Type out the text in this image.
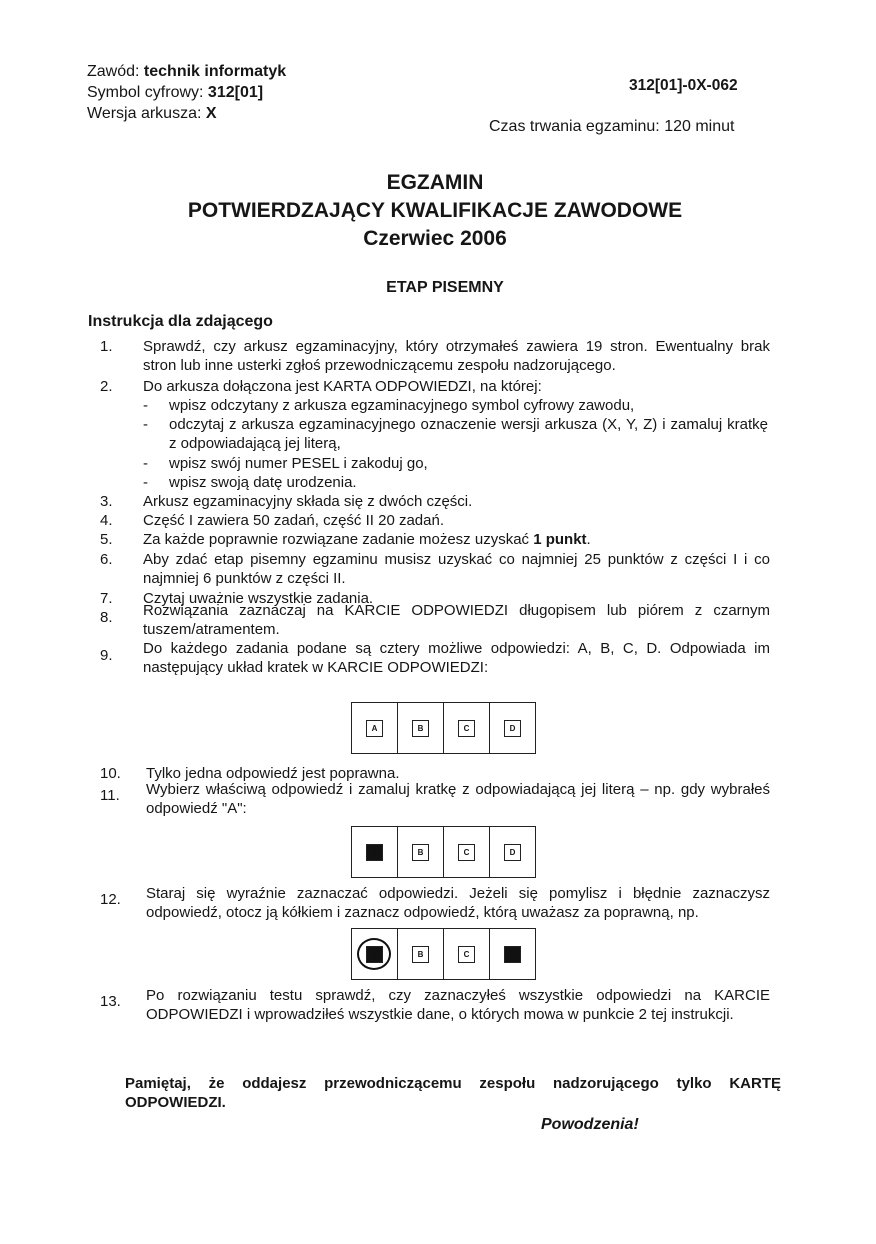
Zawód: technik informatyk
Symbol cyfrowy: 312[01]
Wersja arkusza: X
312[01]-0X-062
Czas trwania egzaminu: 120 minut
EGZAMIN
POTWIERDZAJĄCY KWALIFIKACJE ZAWODOWE
Czerwiec 2006
ETAP PISEMNY
Instrukcja dla zdającego
1.	Sprawdź, czy arkusz egzaminacyjny, który otrzymałeś zawiera 19 stron. Ewentualny brak stron lub inne usterki zgłoś przewodniczącemu zespołu nadzorującego.
2.	Do arkusza dołączona jest KARTA ODPOWIEDZI, na której:
- wpisz odczytany z arkusza egzaminacyjnego symbol cyfrowy zawodu,
- odczytaj z arkusza egzaminacyjnego oznaczenie wersji arkusza (X, Y, Z) i zamaluj kratkę z odpowiadającą jej literą,
- wpisz swój numer PESEL i zakoduj go,
- wpisz swoją datę urodzenia.
3.	Arkusz egzaminacyjny składa się z dwóch części.
4.	Część I zawiera 50 zadań, część II 20 zadań.
5.	Za każde poprawnie rozwiązane zadanie możesz uzyskać 1 punkt.
6.	Aby zdać etap pisemny egzaminu musisz uzyskać co najmniej 25 punktów z części I i co najmniej 6 punktów z części II.
7.	Czytaj uważnie wszystkie zadania.
8.	Rozwiązania zaznaczaj na KARCIE ODPOWIEDZI długopisem lub piórem z czarnym tuszem/atramentem.
9.	Do każdego zadania podane są cztery możliwe odpowiedzi: A, B, C, D. Odpowiada im następujący układ kratek w KARCIE ODPOWIEDZI:
A	B	C	D
10.	Tylko jedna odpowiedź jest poprawna.
11.	Wybierz właściwą odpowiedź i zamaluj kratkę z odpowiadającą jej literą – np. gdy wybrałeś odpowiedź "A":
A	B	C	D
12.	Staraj się wyraźnie zaznaczać odpowiedzi. Jeżeli się pomylisz i błędnie zaznaczysz odpowiedź, otocz ją kółkiem i zaznacz odpowiedź, którą uważasz za poprawną, np.
A	B	C	D
13.	Po rozwiązaniu testu sprawdź, czy zaznaczyłeś wszystkie odpowiedzi na KARCIE ODPOWIEDZI i wprowadziłeś wszystkie dane, o których mowa w punkcie 2 tej instrukcji.
Pamiętaj, że oddajesz przewodniczącemu zespołu nadzorującego tylko KARTĘ ODPOWIEDZI.
Powodzenia!
